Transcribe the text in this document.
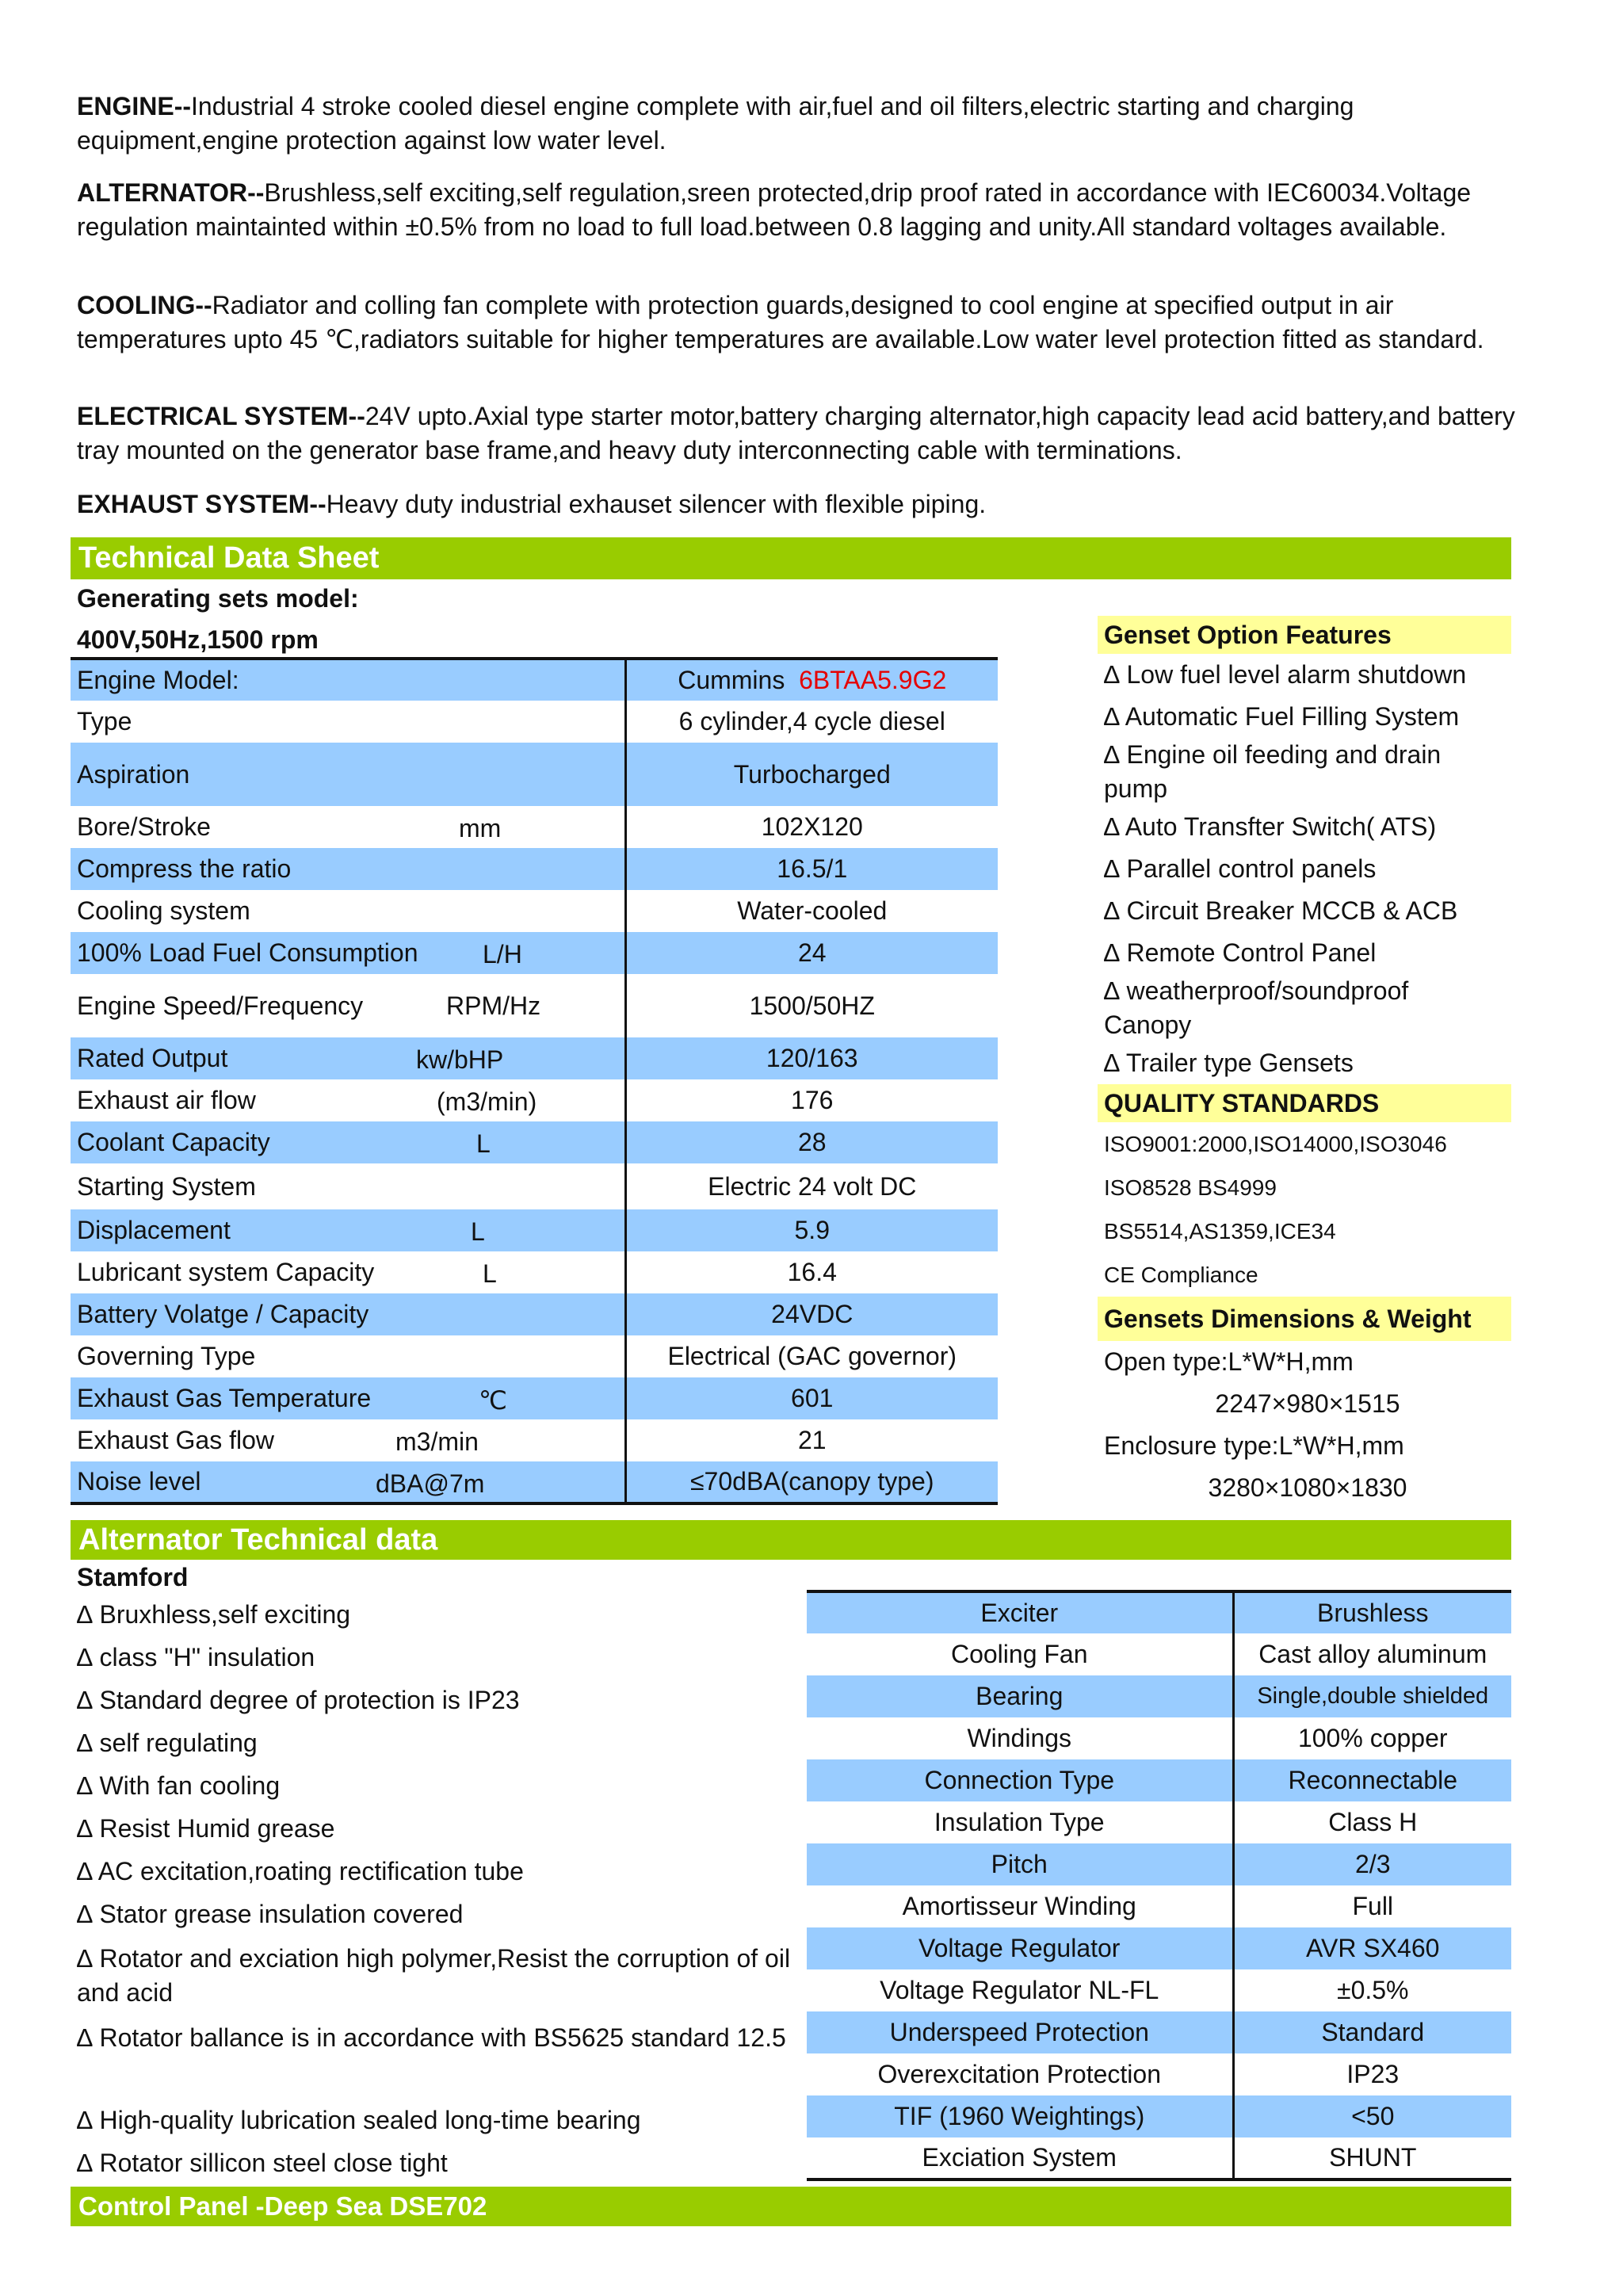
ENGINE--Industrial 4 stroke cooled diesel engine complete with air,fuel and oil filters,electric starting and charging equipment,engine protection against low water level.
ALTERNATOR--Brushless,self exciting,self regulation,sreen protected,drip proof rated in accordance with IEC60034.Voltage regulation maintainted within ±0.5% from no load to full load.between 0.8 lagging and unity.All standard voltages available.
COOLING--Radiator and colling fan complete with protection guards,designed to cool engine at specified output in air temperatures upto 45 ℃,radiators suitable for higher temperatures are available.Low water level protection fitted as standard.
ELECTRICAL SYSTEM--24V upto.Axial type starter motor,battery charging alternator,high capacity lead acid battery,and battery tray mounted on the generator base frame,and heavy duty interconnecting cable with terminations.
EXHAUST SYSTEM--Heavy duty industrial exhauset silencer with flexible piping.
Technical Data Sheet
Generating sets model:
400V,50Hz,1500 rpm
Engine Model:	Cummins 6BTAA5.9G2
Type	6 cylinder,4 cycle diesel
Aspiration	Turbocharged
Bore/Stroke mm	102X120
Compress the ratio	16.5/1
Cooling system	Water-cooled
100% Load Fuel Consumption L/H	24
Engine Speed/Frequency RPM/Hz	1500/50HZ
Rated Output kw/bHP	120/163
Exhaust air flow (m3/min)	176
Coolant Capacity L	28
Starting System	Electric 24 volt DC
Displacement L	5.9
Lubricant system Capacity L	16.4
Battery Volatge / Capacity	24VDC
Governing Type	Electrical (GAC governor)
Exhaust Gas Temperature ℃	601
Exhaust Gas flow m3/min	21
Noise level dBA@7m	≤70dBA(canopy type)
Genset Option Features
∆ Low fuel level alarm shutdown
∆ Automatic Fuel Filling System
∆ Engine oil feeding and drain pump
∆ Auto Transfter Switch( ATS)
∆ Parallel control panels
∆ Circuit Breaker MCCB & ACB
∆ Remote Control Panel
∆ weatherproof/soundproof Canopy
∆ Trailer type Gensets
QUALITY STANDARDS
ISO9001:2000,ISO14000,ISO3046
ISO8528 BS4999
BS5514,AS1359,ICE34
CE Compliance
Gensets Dimensions & Weight
Open type:L*W*H,mm
2247×980×1515
Enclosure type:L*W*H,mm
3280×1080×1830
Alternator Technical data
Stamford
∆ Bruxhless,self exciting
∆ class "H" insulation
∆ Standard degree of protection is IP23
∆ self regulating
∆ With fan cooling
∆ Resist Humid grease
∆ AC excitation,roating rectification tube
∆ Stator grease insulation covered
∆ Rotator and exciation high polymer,Resist the corruption of oil and acid
∆ Rotator ballance is in accordance with BS5625 standard 12.5
∆ High-quality lubrication sealed long-time bearing
∆ Rotator sillicon steel close tight
Exciter	Brushless
Cooling Fan	Cast alloy aluminum
Bearing	Single,double shielded
Windings	100% copper
Connection Type	Reconnectable
Insulation Type	Class H
Pitch	2/3
Amortisseur Winding	Full
Voltage Regulator	AVR SX460
Voltage Regulator NL-FL	±0.5%
Underspeed Protection	Standard
Overexcitation Protection	IP23
TIF (1960 Weightings)	<50
Exciation System	SHUNT
Control Panel -Deep Sea DSE702
